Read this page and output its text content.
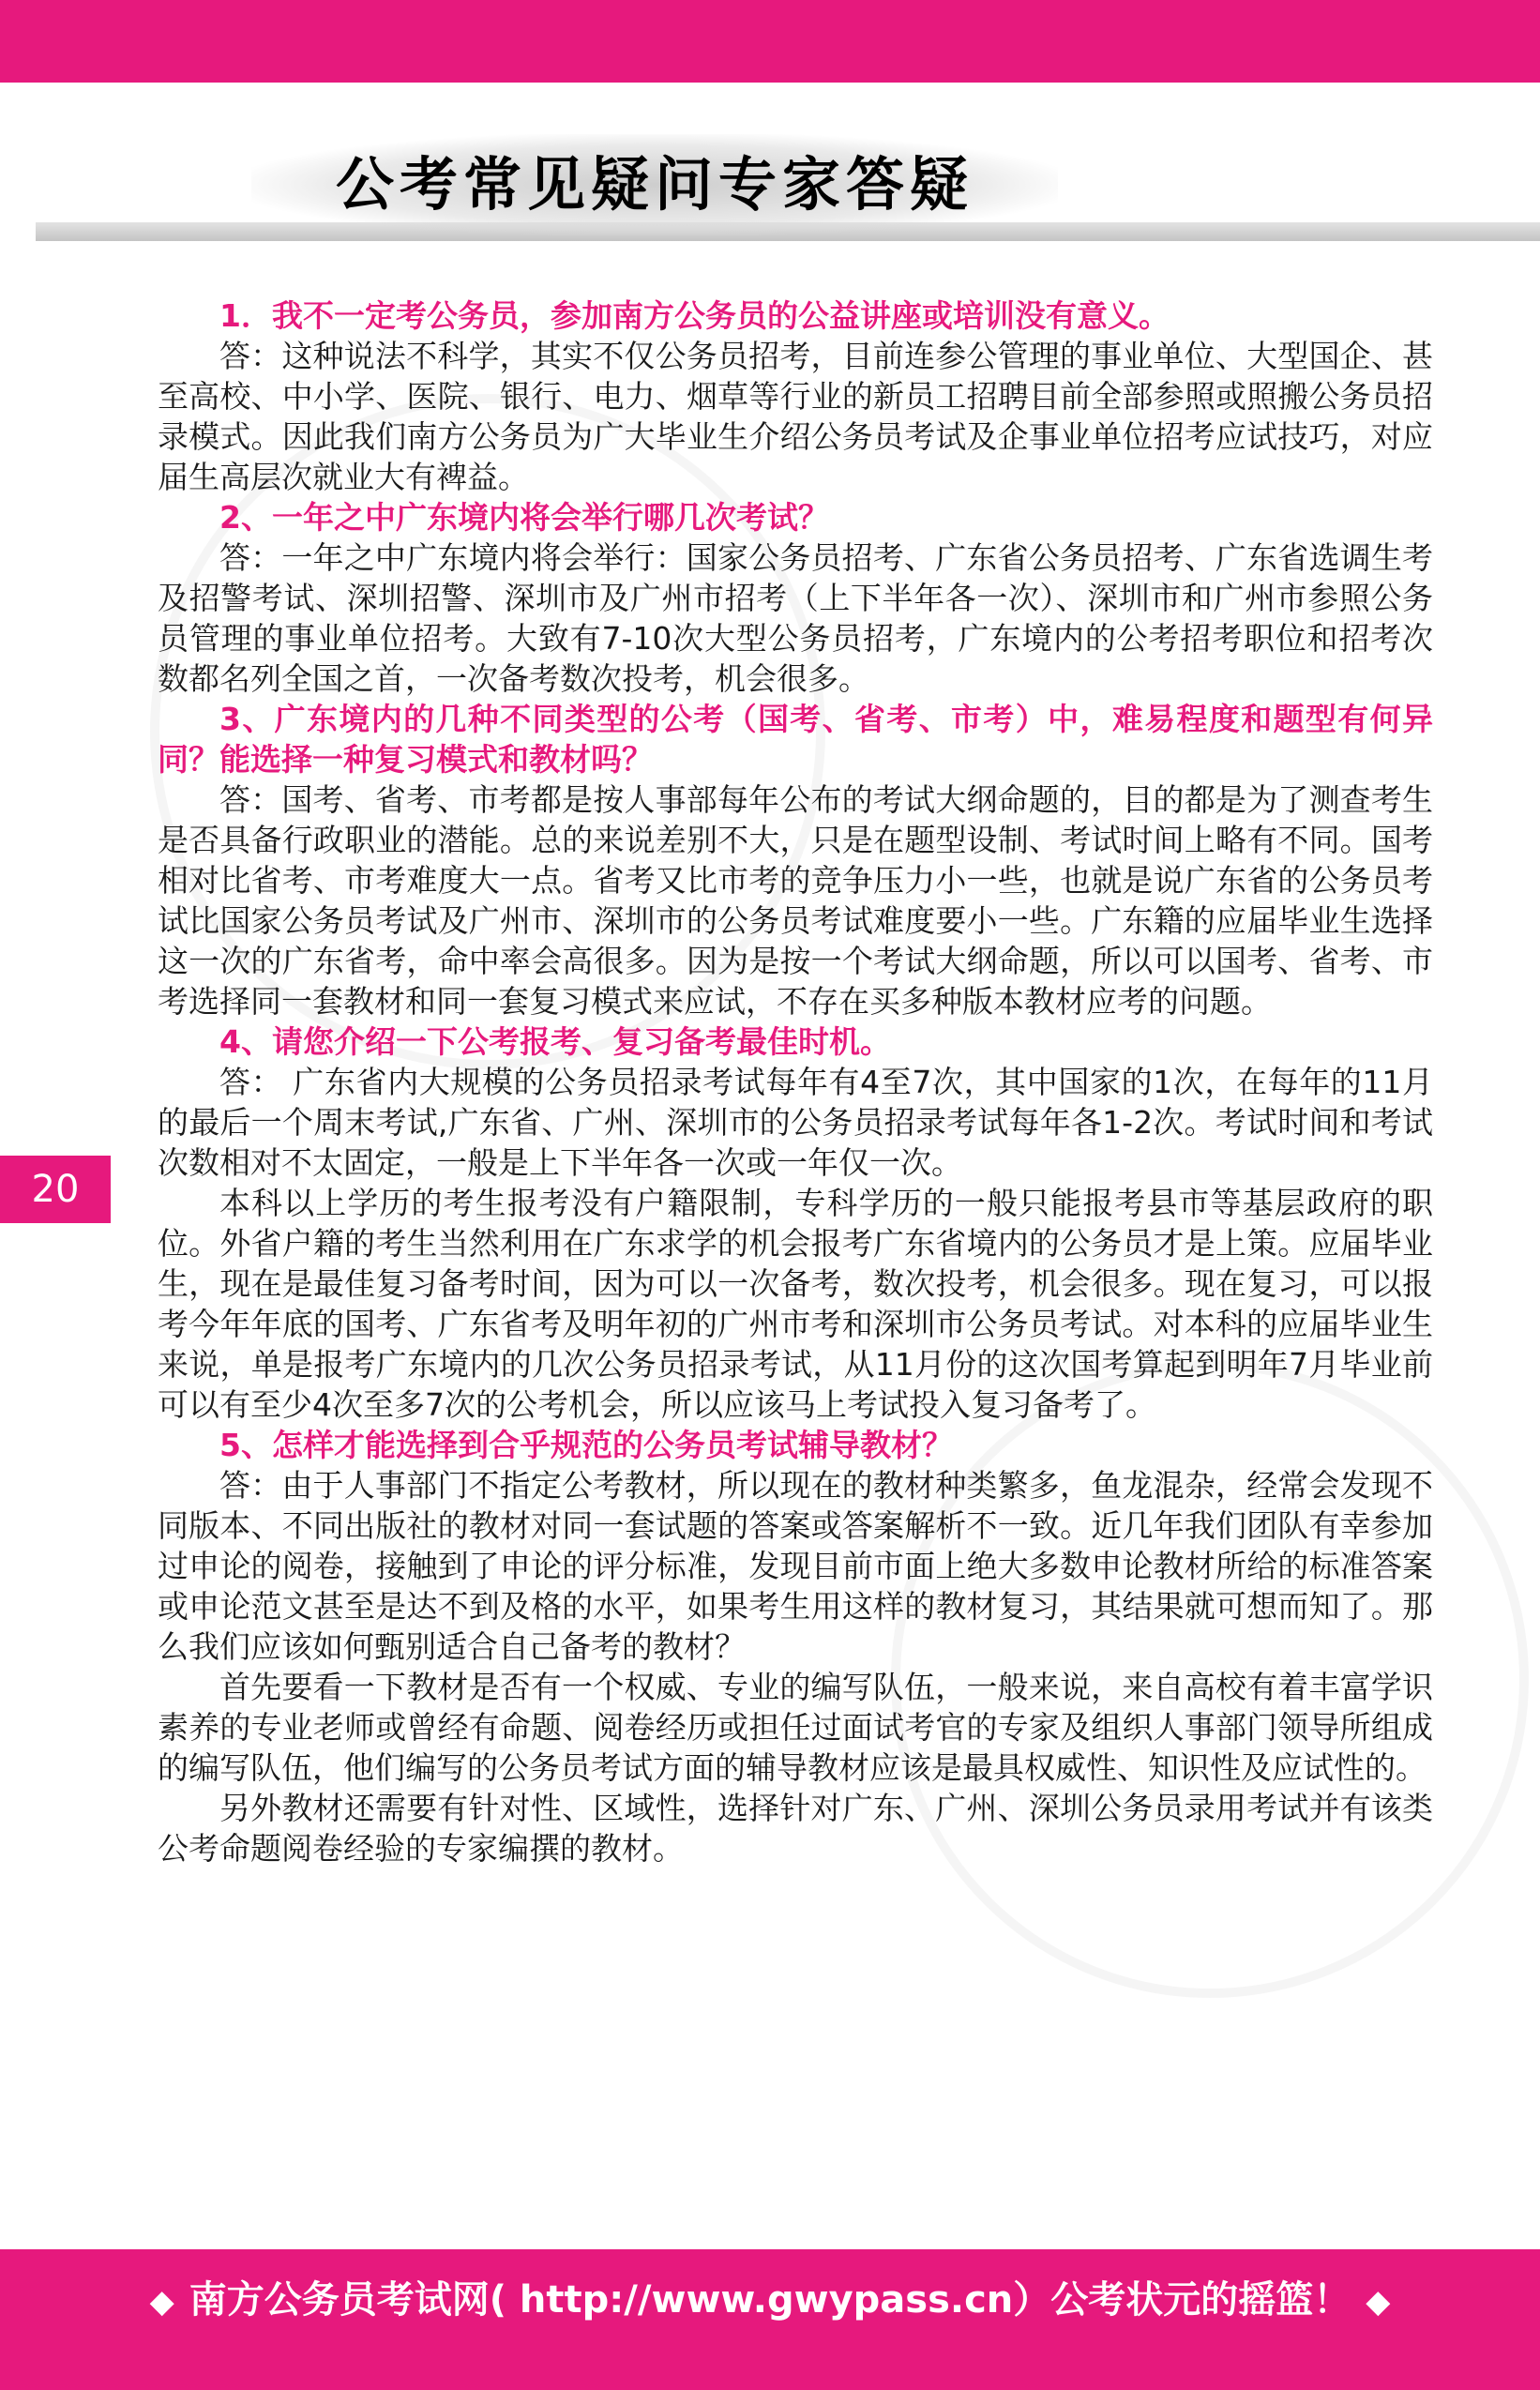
公考常见疑问专家答疑
20

1．我不一定考公务员，参加南方公务员的公益讲座或培训没有意义。

答：这种说法不科学，其实不仅公务员招考，目前连参公管理的事业单位、大型国企、甚至高校、中小学、医院、银行、电力、烟草等行业的新员工招聘目前全部参照或照搬公务员招录模式。因此我们南方公务员为广大毕业生介绍公务员考试及企事业单位招考应试技巧，对应届生高层次就业大有裨益。

2、一年之中广东境内将会举行哪几次考试？

答：一年之中广东境内将会举行：国家公务员招考、广东省公务员招考、广东省选调生考及招警考试、深圳招警、深圳市及广州市招考（上下半年各一次）、深圳市和广州市参照公务员管理的事业单位招考。大致有7-10次大型公务员招考，广东境内的公考招考职位和招考次数都名列全国之首，一次备考数次投考，机会很多。

3、广东境内的几种不同类型的公考（国考、省考、市考）中，难易程度和题型有何异同？能选择一种复习模式和教材吗？

答：国考、省考、市考都是按人事部每年公布的考试大纲命题的，目的都是为了测查考生是否具备行政职业的潜能。总的来说差别不大，只是在题型设制、考试时间上略有不同。国考相对比省考、市考难度大一点。省考又比市考的竞争压力小一些，也就是说广东省的公务员考试比国家公务员考试及广州市、深圳市的公务员考试难度要小一些。广东籍的应届毕业生选择这一次的广东省考，命中率会高很多。因为是按一个考试大纲命题，所以可以国考、省考、市考选择同一套教材和同一套复习模式来应试，不存在买多种版本教材应考的问题。

4、请您介绍一下公考报考、复习备考最佳时机。

答： 广东省内大规模的公务员招录考试每年有4至7次，其中国家的1次，在每年的11月的最后一个周末考试,广东省、广州、深圳市的公务员招录考试每年各1-2次。考试时间和考试次数相对不太固定，一般是上下半年各一次或一年仅一次。

本科以上学历的考生报考没有户籍限制，专科学历的一般只能报考县市等基层政府的职位。外省户籍的考生当然利用在广东求学的机会报考广东省境内的公务员才是上策。应届毕业生，现在是最佳复习备考时间，因为可以一次备考，数次投考，机会很多。现在复习，可以报考今年年底的国考、广东省考及明年初的广州市考和深圳市公务员考试。对本科的应届毕业生来说，单是报考广东境内的几次公务员招录考试，从11月份的这次国考算起到明年7月毕业前可以有至少4次至多7次的公考机会，所以应该马上考试投入复习备考了。

5、怎样才能选择到合乎规范的公务员考试辅导教材？

答：由于人事部门不指定公考教材，所以现在的教材种类繁多，鱼龙混杂，经常会发现不同版本、不同出版社的教材对同一套试题的答案或答案解析不一致。近几年我们团队有幸参加过申论的阅卷，接触到了申论的评分标准，发现目前市面上绝大多数申论教材所给的标准答案或申论范文甚至是达不到及格的水平，如果考生用这样的教材复习，其结果就可想而知了。那么我们应该如何甄别适合自己备考的教材？

首先要看一下教材是否有一个权威、专业的编写队伍，一般来说，来自高校有着丰富学识素养的专业老师或曾经有命题、阅卷经历或担任过面试考官的专家及组织人事部门领导所组成的编写队伍，他们编写的公务员考试方面的辅导教材应该是最具权威性、知识性及应试性的。

另外教材还需要有针对性、区域性，选择针对广东、广州、深圳公务员录用考试并有该类公考命题阅卷经验的专家编撰的教材。

◆ 南方公务员考试网( http://www.gwypass.cn）公考状元的摇篮！ ◆
